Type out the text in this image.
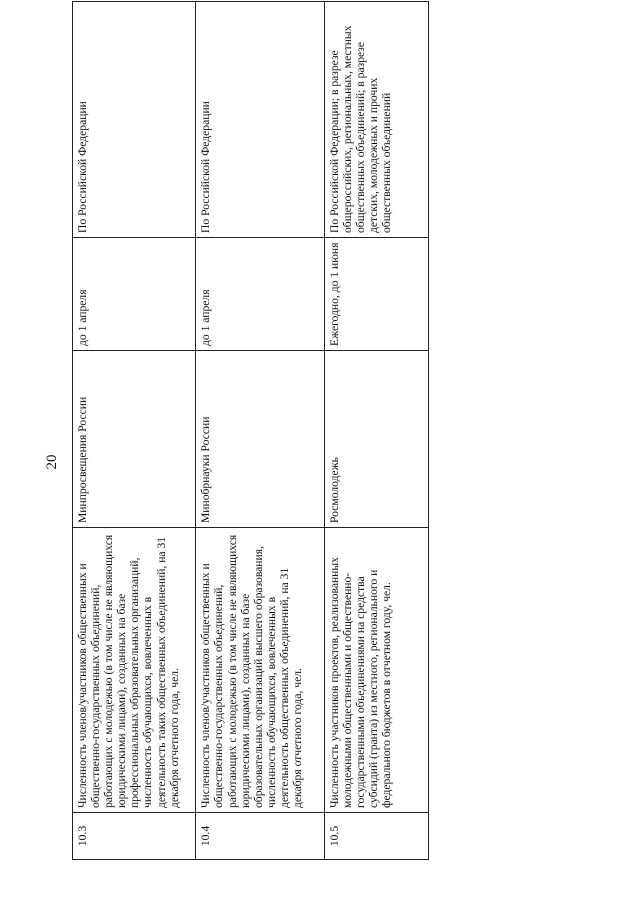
20
10.3	Численность членов/участников общественных и общественно-государственных объединений, работающих с молодежью (в том числе не являющихся юридическими лицами), созданных на базе профессиональных образовательных организаций, численность обучающихся, вовлеченных в деятельность таких общественных объединений, на 31 декабря отчетного года, чел.	Минпросвещения России	до 1 апреля	По Российской Федерации
10.4	Численность членов/участников общественных и общественно-государственных объединений, работающих с молодежью (в том числе не являющихся юридическими лицами), созданных на базе образовательных организаций высшего образования, численность обучающихся, вовлеченных в деятельность общественных объединений, на 31 декабря отчетного года, чел.	Минобрнауки России	до 1 апреля	По Российской Федерации
10.5	Численность участников проектов, реализованных молодежными общественными и общественно-государственными объединениями на средства субсидий (гранта) из местного, регионального и федерального бюджетов в отчетном году, чел.	Росмолодежь	Ежегодно, до 1 июня	По Российской Федерации; в разрезе общероссийских, региональных, местных общественных объединений; в разрезе детских, молодежных и прочих общественных объединений
